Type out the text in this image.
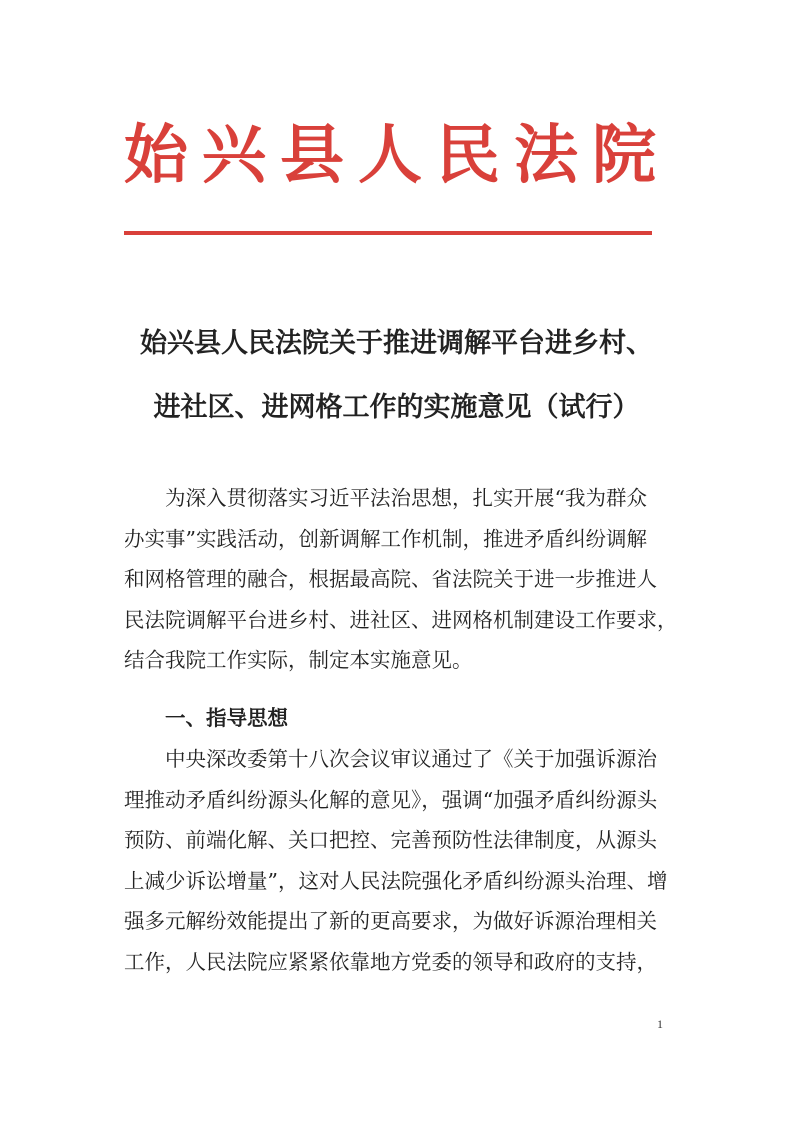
始兴县人民法院
始兴县人民法院关于推进调解平台进乡村、
进社区、进网格工作的实施意见（试行）
为深入贯彻落实习近平法治思想，扎实开展“我为群众
办实事”实践活动，创新调解工作机制，推进矛盾纠纷调解
和网格管理的融合，根据最高院、省法院关于进一步推进人
民法院调解平台进乡村、进社区、进网格机制建设工作要求，
结合我院工作实际，制定本实施意见。
一、指导思想
中央深改委第十八次会议审议通过了《关于加强诉源治
理推动矛盾纠纷源头化解的意见》，强调“加强矛盾纠纷源头
预防、前端化解、关口把控、完善预防性法律制度，从源头
上减少诉讼增量”，这对人民法院强化矛盾纠纷源头治理、增
强多元解纷效能提出了新的更高要求，为做好诉源治理相关
工作，人民法院应紧紧依靠地方党委的领导和政府的支持，
1
